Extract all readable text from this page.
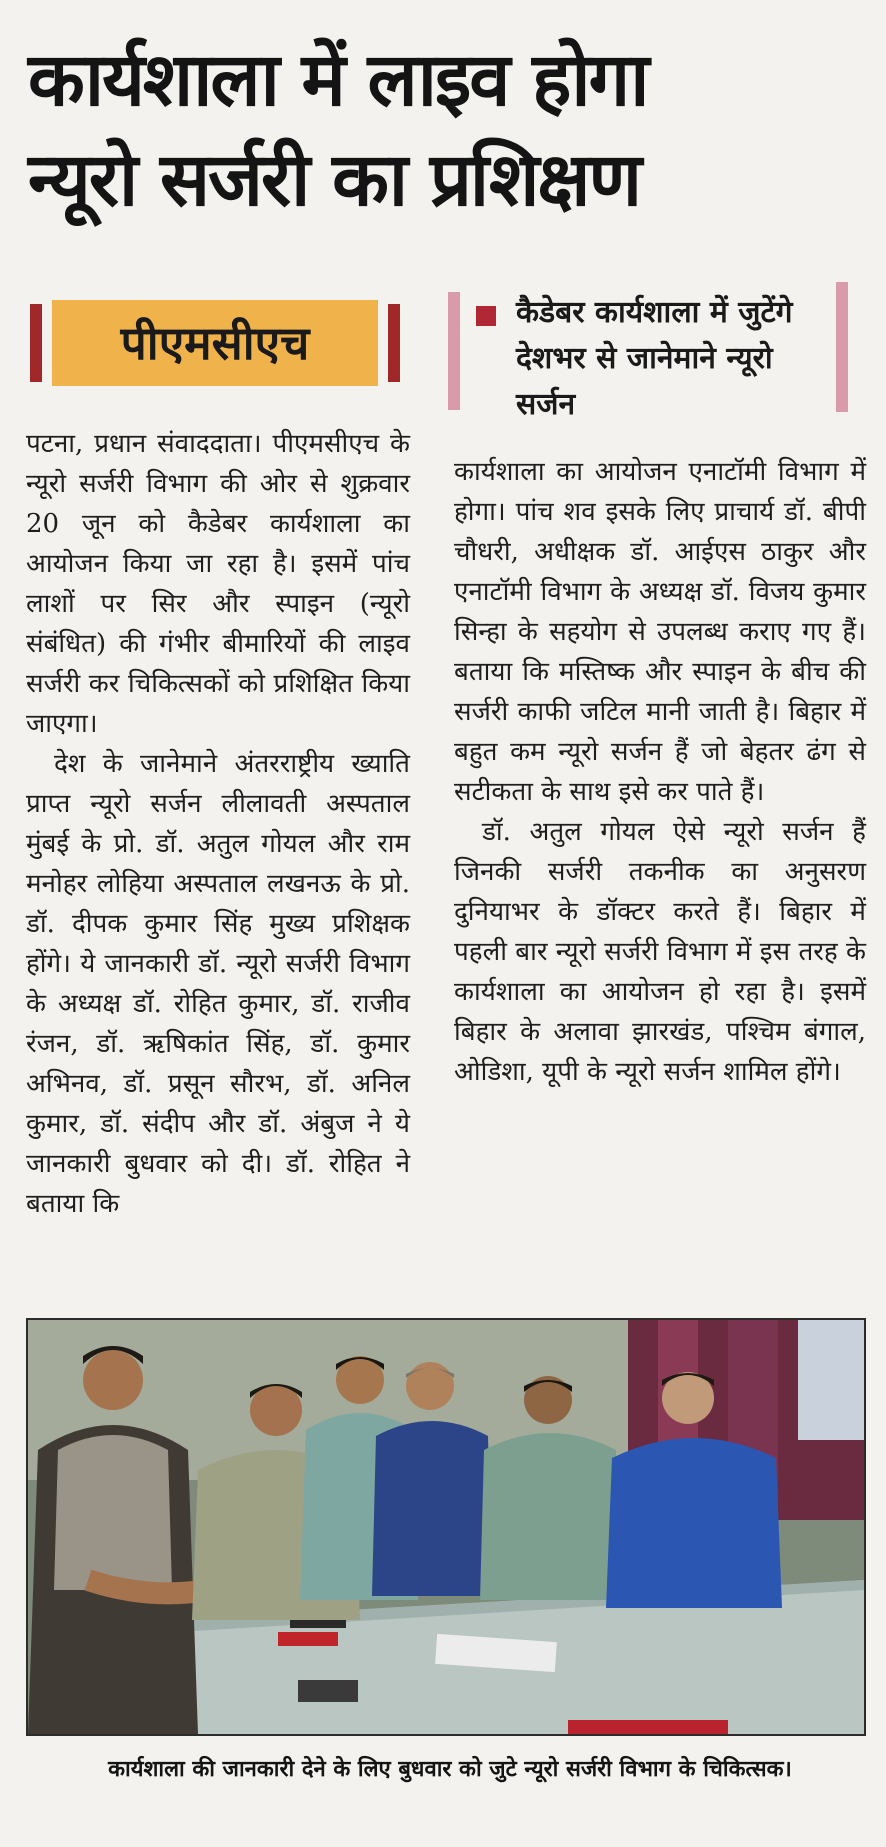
कार्यशाला में लाइव होगा
न्यूरो सर्जरी का प्रशिक्षण
पीएमसीएच
कैडेबर कार्यशाला में जुटेंगे देशभर से जानेमाने न्यूरो सर्जन

पटना, प्रधान संवाददाता। पीएमसीएच के न्यूरो सर्जरी विभाग की ओर से शुक्रवार 20 जून को कैडेबर कार्यशाला का आयोजन किया जा रहा है। इसमें पांच लाशों पर सिर और स्पाइन (न्यूरो संबंधित) की गंभीर बीमारियों की लाइव सर्जरी कर चिकित्सकों को प्रशिक्षित किया जाएगा।

देश के जानेमाने अंतरराष्ट्रीय ख्याति प्राप्त न्यूरो सर्जन लीलावती अस्पताल मुंबई के प्रो. डॉ. अतुल गोयल और राम मनोहर लोहिया अस्पताल लखनऊ के प्रो. डॉ. दीपक कुमार सिंह मुख्य प्रशिक्षक होंगे। ये जानकारी डॉ. न्यूरो सर्जरी विभाग के अध्यक्ष डॉ. रोहित कुमार, डॉ. राजीव रंजन, डॉ. ऋषिकांत सिंह, डॉ. कुमार अभिनव, डॉ. प्रसून सौरभ, डॉ. अनिल कुमार, डॉ. संदीप और डॉ. अंबुज ने ये जानकारी बुधवार को दी। डॉ. रोहित ने बताया कि

कार्यशाला का आयोजन एनाटॉमी विभाग में होगा। पांच शव इसके लिए प्राचार्य डॉ. बीपी चौधरी, अधीक्षक डॉ. आईएस ठाकुर और एनाटॉमी विभाग के अध्यक्ष डॉ. विजय कुमार सिन्हा के सहयोग से उपलब्ध कराए गए हैं। बताया कि मस्तिष्क और स्पाइन के बीच की सर्जरी काफी जटिल मानी जाती है। बिहार में बहुत कम न्यूरो सर्जन हैं जो बेहतर ढंग से सटीकता के साथ इसे कर पाते हैं।

डॉ. अतुल गोयल ऐसे न्यूरो सर्जन हैं जिनकी सर्जरी तकनीक का अनुसरण दुनियाभर के डॉक्टर करते हैं। बिहार में पहली बार न्यूरो सर्जरी विभाग में इस तरह के कार्यशाला का आयोजन हो रहा है। इसमें बिहार के अलावा झारखंड, पश्चिम बंगाल, ओडिशा, यूपी के न्यूरो सर्जन शामिल होंगे।

कार्यशाला की जानकारी देने के लिए बुधवार को जुटे न्यूरो सर्जरी विभाग के चिकित्सक।
